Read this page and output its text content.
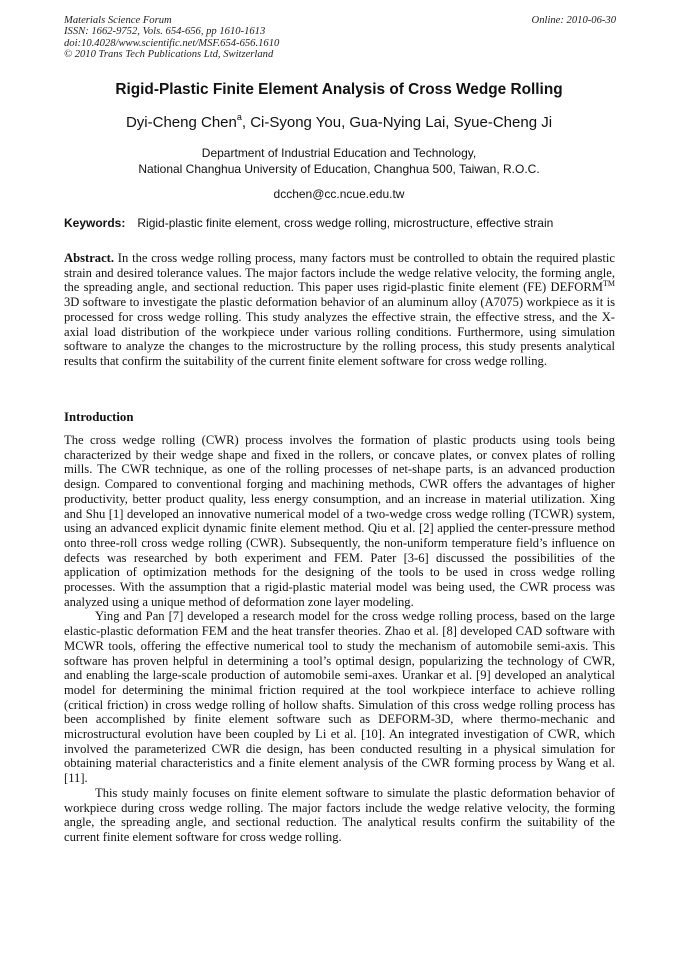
Materials Science Forum
ISSN: 1662-9752, Vols. 654-656, pp 1610-1613
doi:10.4028/www.scientific.net/MSF.654-656.1610
© 2010 Trans Tech Publications Ltd, Switzerland
Online: 2010-06-30
Rigid-Plastic Finite Element Analysis of Cross Wedge Rolling
Dyi-Cheng Chen$^a$, Ci-Syong You, Gua-Nying Lai, Syue-Cheng Ji
Department of Industrial Education and Technology,
National Changhua University of Education, Changhua 500, Taiwan, R.O.C.
dcchen@cc.ncue.edu.tw
Keywords: Rigid-plastic finite element, cross wedge rolling, microstructure, effective strain
Abstract. In the cross wedge rolling process, many factors must be controlled to obtain the required plastic strain and desired tolerance values. The major factors include the wedge relative velocity, the forming angle, the spreading angle, and sectional reduction. This paper uses rigid-plastic finite element (FE) DEFORM™ 3D software to investigate the plastic deformation behavior of an aluminum alloy (A7075) workpiece as it is processed for cross wedge rolling. This study analyzes the effective strain, the effective stress, and the X-axial load distribution of the workpiece under various rolling conditions. Furthermore, using simulation software to analyze the changes to the microstructure by the rolling process, this study presents analytical results that confirm the suitability of the current finite element software for cross wedge rolling.
Introduction

The cross wedge rolling (CWR) process involves the formation of plastic products using tools being characterized by their wedge shape and fixed in the rollers, or concave plates, or convex plates of rolling mills. The CWR technique, as one of the rolling processes of net-shape parts, is an advanced production design. Compared to conventional forging and machining methods, CWR offers the advantages of higher productivity, better product quality, less energy consumption, and an increase in material utilization. Xing and Shu [1] developed an innovative numerical model of a two-wedge cross wedge rolling (TCWR) system, using an advanced explicit dynamic finite element method. Qiu et al. [2] applied the center-pressure method onto three-roll cross wedge rolling (CWR). Subsequently, the non-uniform temperature field’s influence on defects was researched by both experiment and FEM. Pater [3-6] discussed the possibilities of the application of optimization methods for the designing of the tools to be used in cross wedge rolling processes. With the assumption that a rigid-plastic material model was being used, the CWR process was analyzed using a unique method of deformation zone layer modeling.

Ying and Pan [7] developed a research model for the cross wedge rolling process, based on the large elastic-plastic deformation FEM and the heat transfer theories. Zhao et al. [8] developed CAD software with MCWR tools, offering the effective numerical tool to study the mechanism of automobile semi-axis. This software has proven helpful in determining a tool’s optimal design, popularizing the technology of CWR, and enabling the large-scale production of automobile semi-axes. Urankar et al. [9] developed an analytical model for determining the minimal friction required at the tool workpiece interface to achieve rolling (critical friction) in cross wedge rolling of hollow shafts. Simulation of this cross wedge rolling process has been accomplished by finite element software such as DEFORM-3D, where thermo-mechanic and microstructural evolution have been coupled by Li et al. [10]. An integrated investigation of CWR, which involved the parameterized CWR die design, has been conducted resulting in a physical simulation for obtaining material characteristics and a finite element analysis of the CWR forming process by Wang et al. [11].

This study mainly focuses on finite element software to simulate the plastic deformation behavior of workpiece during cross wedge rolling. The major factors include the wedge relative velocity, the forming angle, the spreading angle, and sectional reduction. The analytical results confirm the suitability of the current finite element software for cross wedge rolling.
